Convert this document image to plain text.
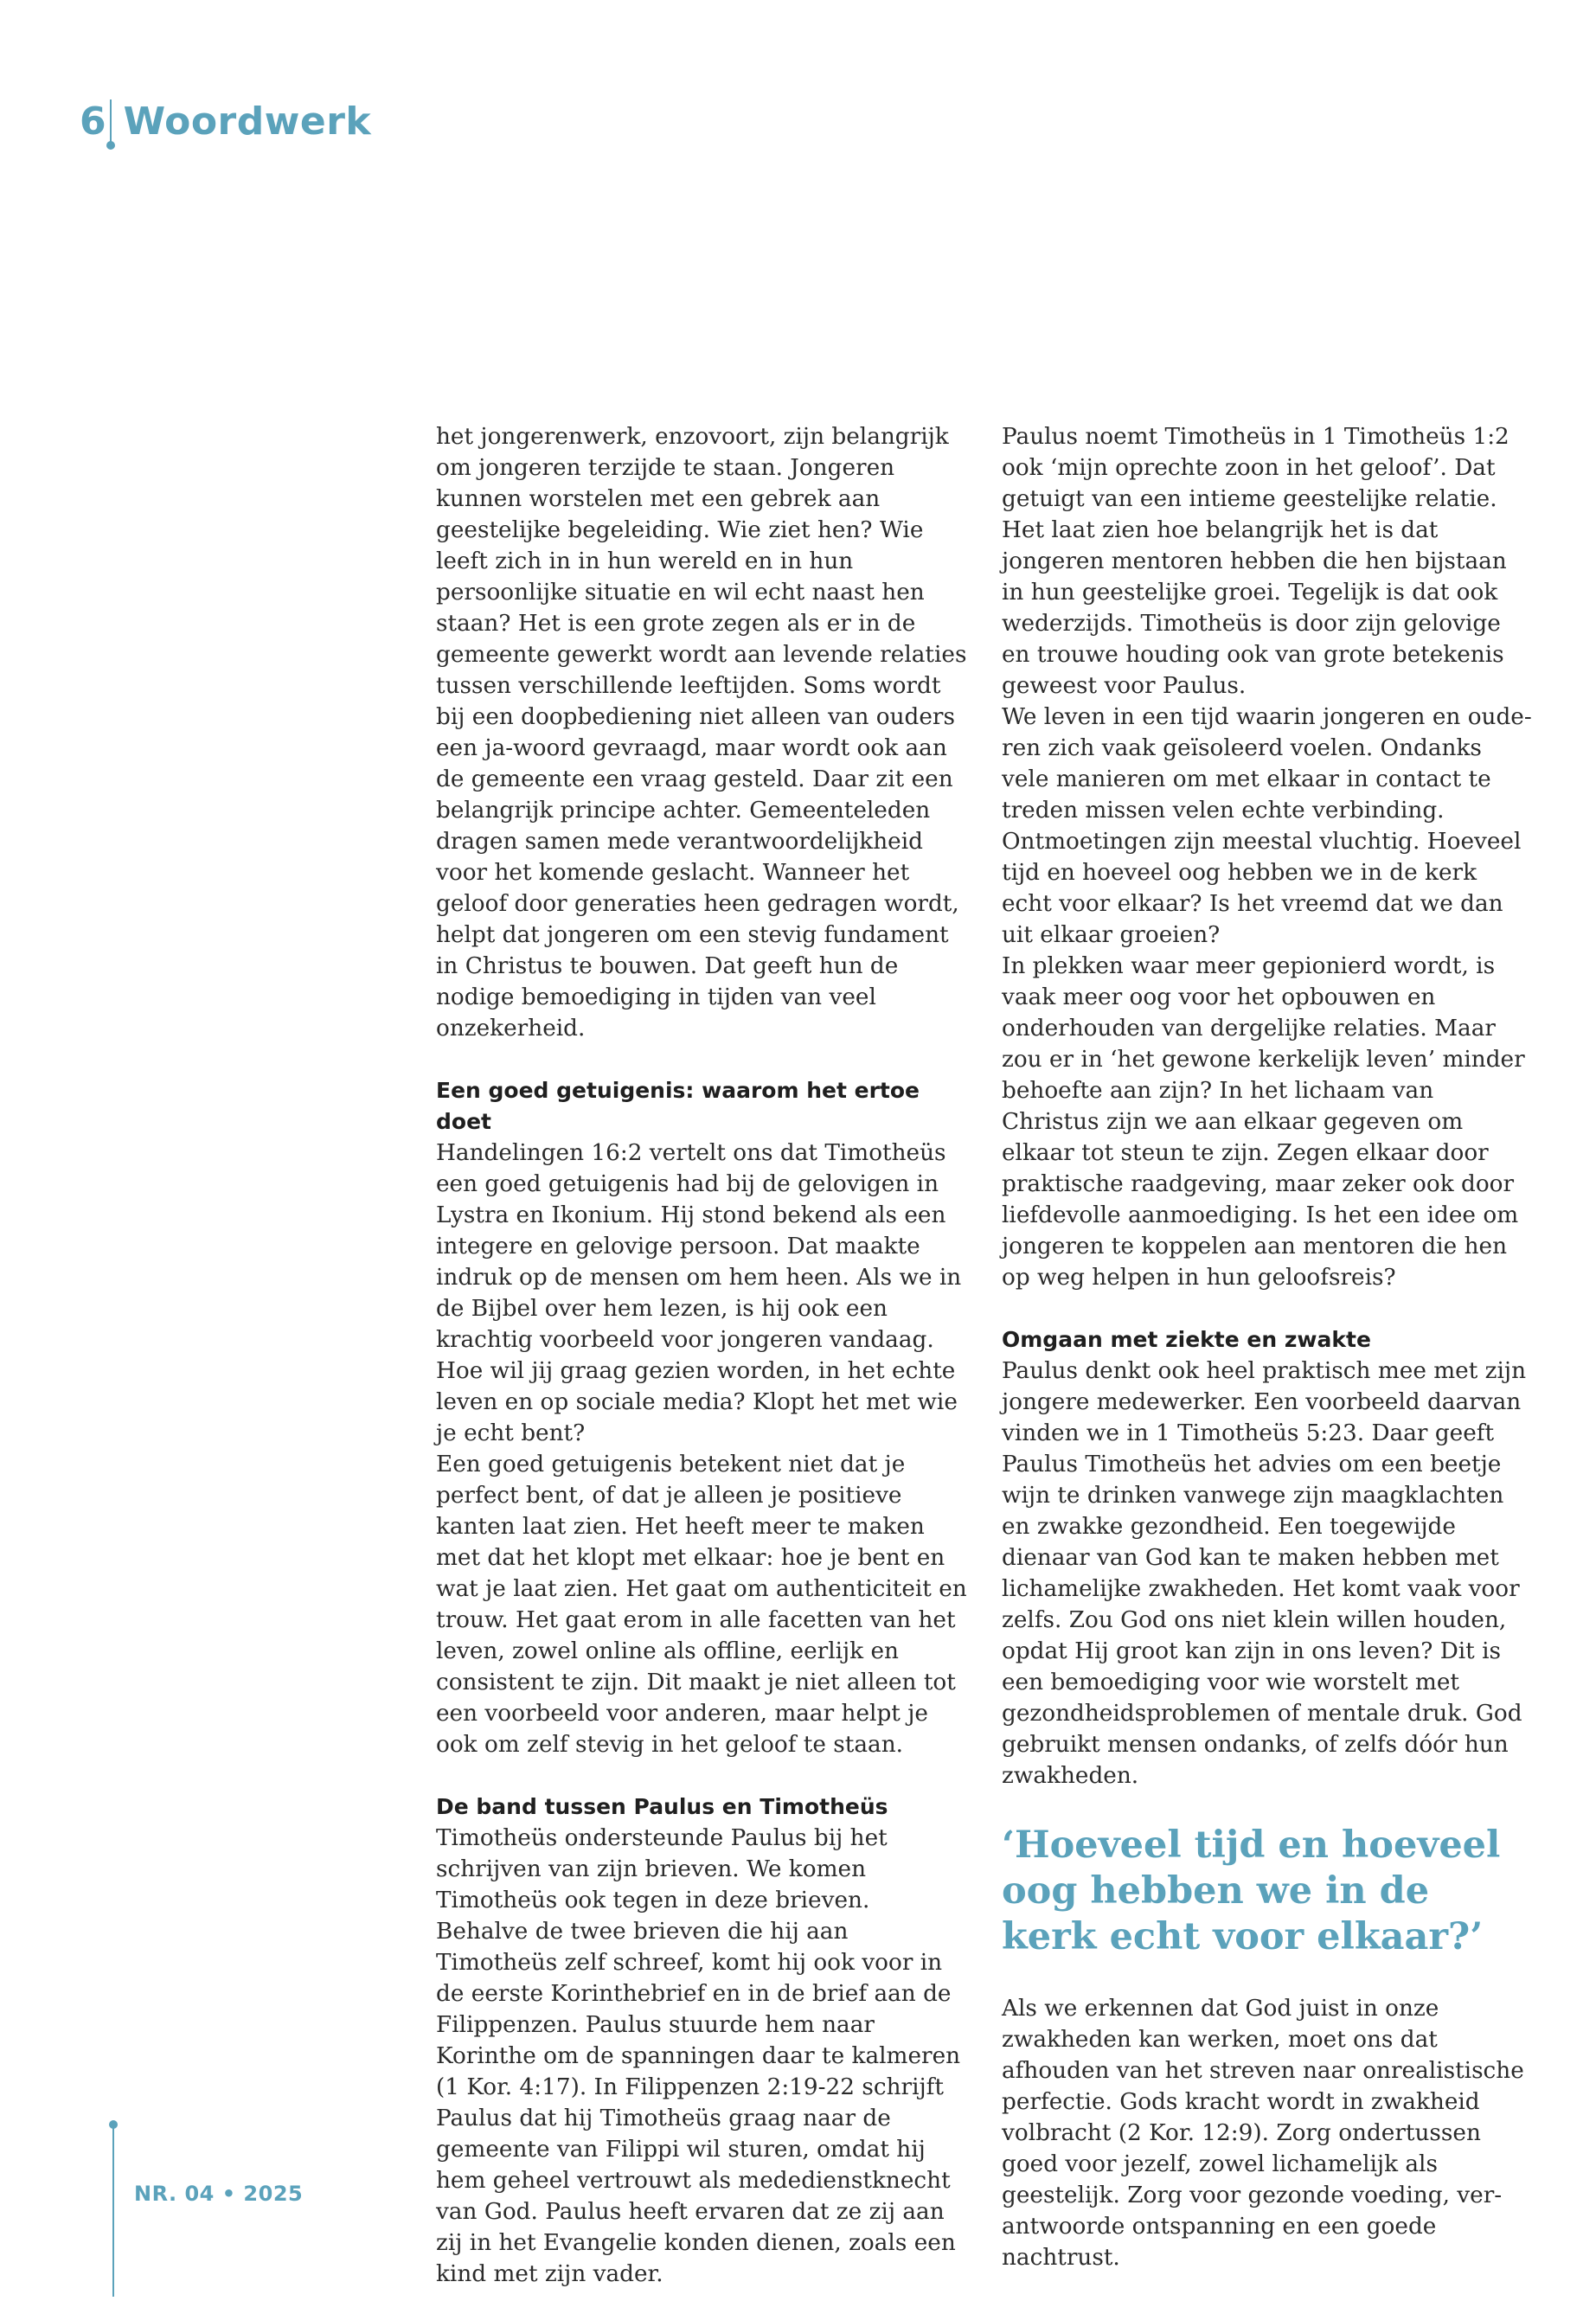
6 Woordwerk

het jongerenwerk, enzovoort, zijn belangrijk om jongeren terzijde te staan. Jongeren kunnen worstelen met een gebrek aan geestelijke begeleiding. Wie ziet hen? Wie leeft zich in in hun wereld en in hun persoonlijke situatie en wil echt naast hen staan? Het is een grote zegen als er in de gemeente gewerkt wordt aan levende relaties tussen verschillende leeftijden. Soms wordt bij een doopbediening niet alleen van ouders een ja-woord gevraagd, maar wordt ook aan de gemeente een vraag gesteld. Daar zit een belangrijk principe achter. Gemeenteleden dragen samen mede verantwoordelijkheid voor het komende geslacht. Wanneer het geloof door generaties heen gedragen wordt, helpt dat jongeren om een stevig fundament in Christus te bouwen. Dat geeft hun de nodige bemoediging in tijden van veel onzekerheid.

Een goed getuigenis: waarom het ertoe doet

Handelingen 16:2 vertelt ons dat Timotheüs een goed getuigenis had bij de gelovigen in Lystra en Ikonium. Hij stond bekend als een integere en gelovige persoon. Dat maakte indruk op de mensen om hem heen. Als we in de Bijbel over hem lezen, is hij ook een krachtig voorbeeld voor jongeren vandaag. Hoe wil jij graag gezien worden, in het echte leven en op sociale media? Klopt het met wie je echt bent?

Een goed getuigenis betekent niet dat je perfect bent, of dat je alleen je positieve kanten laat zien. Het heeft meer te maken met dat het klopt met elkaar: hoe je bent en wat je laat zien. Het gaat om authenticiteit en trouw. Het gaat erom in alle facetten van het leven, zowel online als offline, eerlijk en consistent te zijn. Dit maakt je niet alleen tot een voorbeeld voor anderen, maar helpt je ook om zelf stevig in het geloof te staan.

De band tussen Paulus en Timotheüs

Timotheüs ondersteunde Paulus bij het schrijven van zijn brieven. We komen Timotheüs ook tegen in deze brieven. Behalve de twee brieven die hij aan Timotheüs zelf schreef, komt hij ook voor in de eerste Korinthebrief en in de brief aan de Filippenzen. Paulus stuurde hem naar Korinthe om de spanningen daar te kalmeren (1 Kor. 4:17). In Filippenzen 2:19-22 schrijft Paulus dat hij Timotheüs graag naar de gemeente van Filippi wil sturen, omdat hij hem geheel vertrouwt als mededienstknecht van God. Paulus heeft ervaren dat ze zij aan zij in het Evangelie konden dienen, zoals een kind met zijn vader.

Paulus noemt Timotheüs in 1 Timotheüs 1:2 ook ‘mijn oprechte zoon in het geloof’. Dat getuigt van een intieme geestelijke relatie. Het laat zien hoe belangrijk het is dat jongeren mentoren hebben die hen bijstaan in hun geestelijke groei. Tegelijk is dat ook wederzijds. Timotheüs is door zijn gelovige en trouwe houding ook van grote betekenis geweest voor Paulus.

We leven in een tijd waarin jongeren en ouderen zich vaak geïsoleerd voelen. Ondanks vele manieren om met elkaar in contact te treden missen velen echte verbinding. Ontmoetingen zijn meestal vluchtig. Hoeveel tijd en hoeveel oog hebben we in de kerk echt voor elkaar? Is het vreemd dat we dan uit elkaar groeien?

In plekken waar meer gepionierd wordt, is vaak meer oog voor het opbouwen en onderhouden van dergelijke relaties. Maar zou er in ‘het gewone kerkelijk leven’ minder behoefte aan zijn? In het lichaam van Christus zijn we aan elkaar gegeven om elkaar tot steun te zijn. Zegen elkaar door praktische raadgeving, maar zeker ook door liefdevolle aanmoediging. Is het een idee om jongeren te koppelen aan mentoren die hen op weg helpen in hun geloofsreis?

Omgaan met ziekte en zwakte

Paulus denkt ook heel praktisch mee met zijn jongere medewerker. Een voorbeeld daarvan vinden we in 1 Timotheüs 5:23. Daar geeft Paulus Timotheüs het advies om een beetje wijn te drinken vanwege zijn maagklachten en zwakke gezondheid. Een toegewijde dienaar van God kan te maken hebben met lichamelijke zwakheden. Het komt vaak voor zelfs. Zou God ons niet klein willen houden, opdat Hij groot kan zijn in ons leven? Dit is een bemoediging voor wie worstelt met gezondheidsproblemen of mentale druk. God gebruikt mensen ondanks, of zelfs dóór hun zwakheden.

‘Hoeveel tijd en hoeveel oog hebben we in de kerk echt voor elkaar?’

Als we erkennen dat God juist in onze zwakheden kan werken, moet ons dat afhouden van het streven naar onrealistische perfectie. Gods kracht wordt in zwakheid volbracht (2 Kor. 12:9). Zorg ondertussen goed voor jezelf, zowel lichamelijk als geestelijk. Zorg voor gezonde voeding, verantwoorde ontspanning en een goede nachtrust.

NR. 04 • 2025
